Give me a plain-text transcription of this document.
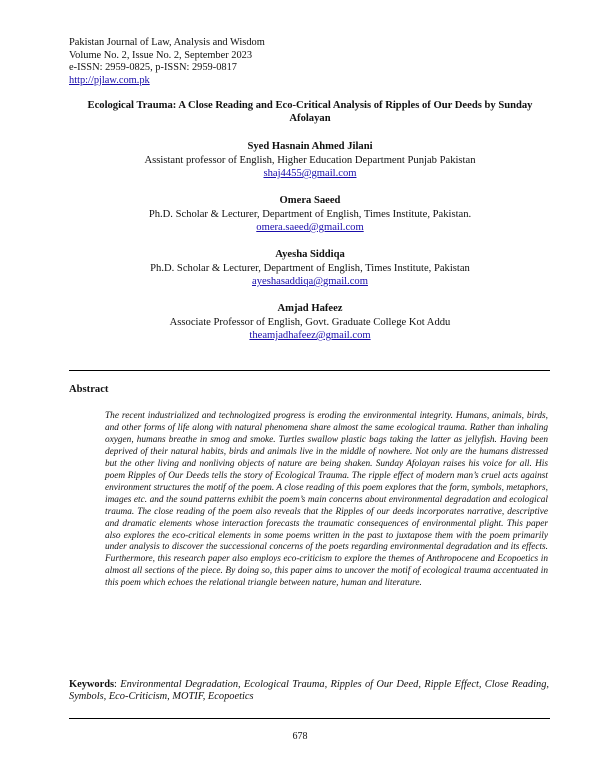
Pakistan Journal of Law, Analysis and Wisdom
Volume No. 2, Issue No. 2, September 2023
e-ISSN: 2959-0825, p-ISSN: 2959-0817
http://pjlaw.com.pk
Ecological Trauma: A Close Reading and Eco-Critical Analysis of Ripples of Our Deeds by Sunday Afolayan
Syed Hasnain Ahmed Jilani
Assistant professor of English, Higher Education Department Punjab Pakistan
shaj4455@gmail.com
Omera Saeed
Ph.D. Scholar & Lecturer, Department of English, Times Institute, Pakistan.
omera.saeed@gmail.com
Ayesha Siddiqa
Ph.D. Scholar & Lecturer, Department of English, Times Institute, Pakistan
ayeshasaddiqa@gmail.com
Amjad Hafeez
Associate Professor of English, Govt. Graduate College Kot Addu
theamjadhafeez@gmail.com
Abstract
The recent industrialized and technologized progress is eroding the environmental integrity. Humans, animals, birds, and other forms of life along with natural phenomena share almost the same ecological trauma. Rather than inhaling oxygen, humans breathe in smog and smoke. Turtles swallow plastic bags taking the latter as jellyfish. Having been deprived of their natural habits, birds and animals live in the middle of nowhere. Not only are the humans distressed but the other living and nonliving objects of nature are being shaken. Sunday Afolayan raises his voice for all. His poem Ripples of Our Deeds tells the story of Ecological Trauma. The ripple effect of modern man’s cruel acts against environment structures the motif of the poem. A close reading of this poem explores that the form, symbols, metaphors, images etc. and the sound patterns exhibit the poem’s main concerns about environmental degradation and ecological trauma. The close reading of the poem also reveals that the Ripples of our deeds incorporates narrative, descriptive and dramatic elements whose interaction forecasts the traumatic consequences of environmental plight. This paper also explores the eco-critical elements in some poems written in the past to juxtapose them with the poem primarily under analysis to discover the successional concerns of the poets regarding environmental degradation and its effects. Furthermore, this research paper also employs eco-criticism to explore the themes of Anthropocene and Ecopoetics in almost all sections of the piece. By doing so, this paper aims to uncover the motif of ecological trauma accentuated in this poem which echoes the relational triangle between nature, human and literature.
Keywords: Environmental Degradation, Ecological Trauma, Ripples of Our Deed, Ripple Effect, Close Reading, Symbols, Eco-Criticism, MOTIF, Ecopoetics
678
